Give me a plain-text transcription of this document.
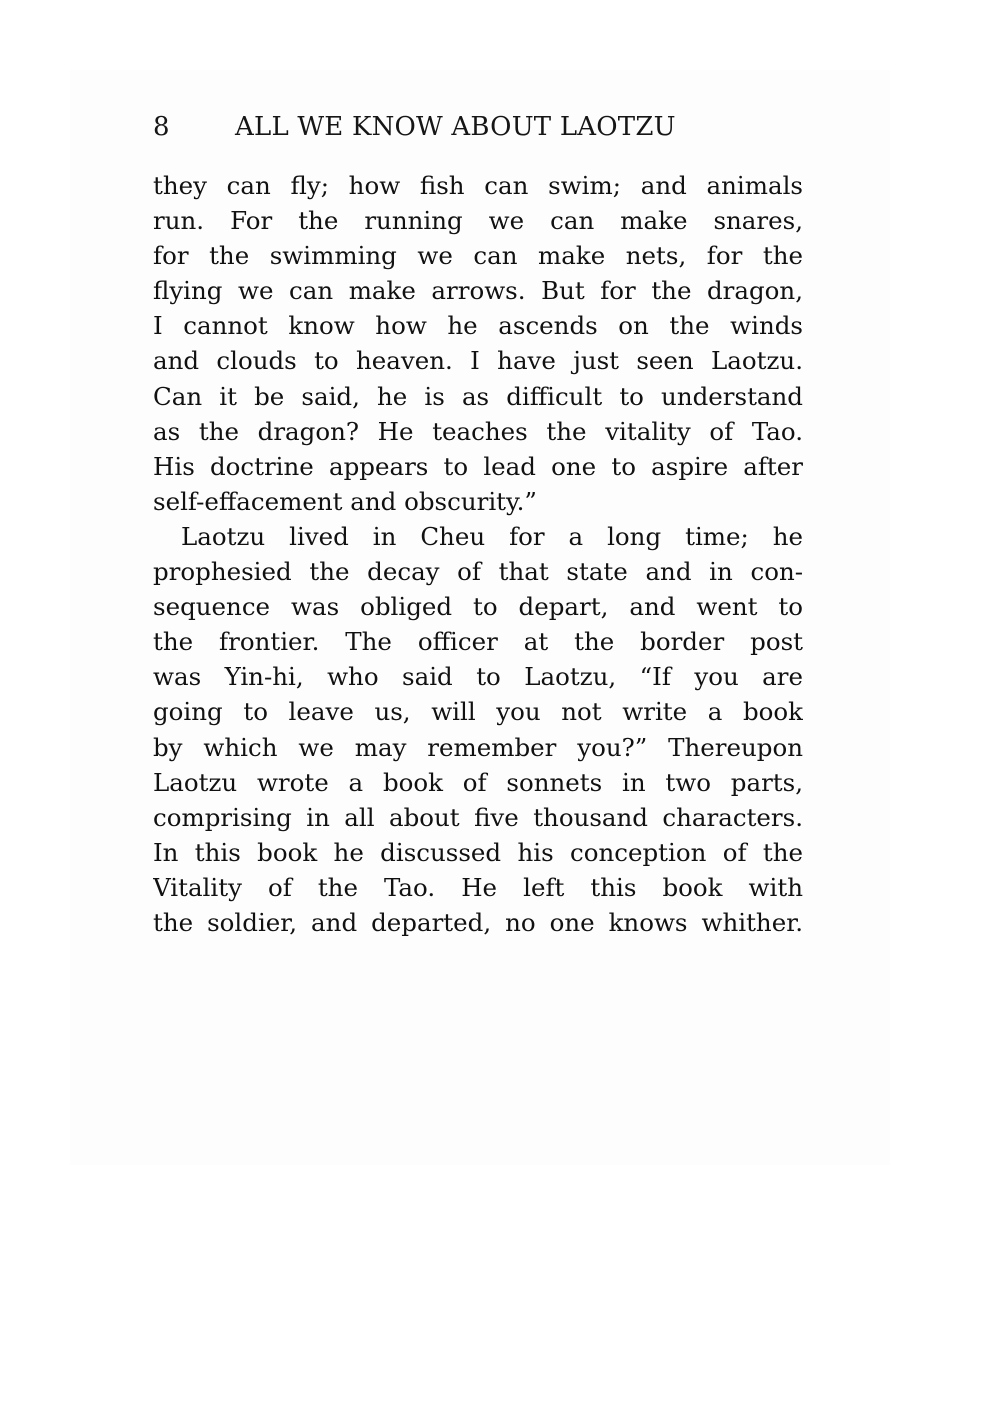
8	ALL WE KNOW ABOUT LAOTZU
they can fly; how fish can swim; and animals
run. For the running we can make snares,
for the swimming we can make nets, for the
flying we can make arrows. But for the dragon,
I cannot know how he ascends on the winds
and clouds to heaven. I have just seen Laotzu.
Can it be said, he is as difficult to understand
as the dragon? He teaches the vitality of Tao.
His doctrine appears to lead one to aspire after
self-effacement and obscurity.”
Laotzu lived in Cheu for a long time; he
prophesied the decay of that state and in con-
sequence was obliged to depart, and went to
the frontier. The officer at the border post
was Yin-hi, who said to Laotzu, “If you are
going to leave us, will you not write a book
by which we may remember you?” Thereupon
Laotzu wrote a book of sonnets in two parts,
comprising in all about five thousand characters.
In this book he discussed his conception of the
Vitality of the Tao. He left this book with
the soldier, and departed, no one knows whither.
